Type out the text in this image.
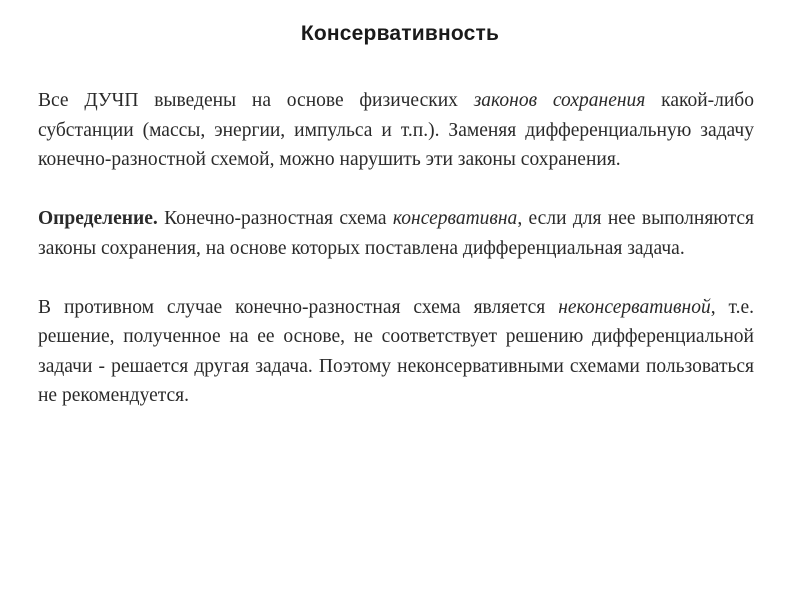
Консервативность

Все ДУЧП выведены на основе физических законов сохранения какой-либо субстанции (массы, энергии, импульса и т.п.). Заменяя дифференциальную задачу конечно-разностной схемой, можно нарушить эти законы сохранения.

Определение. Конечно-разностная схема консервативна, если для нее выполняются законы сохранения, на основе которых поставлена дифференциальная задача.

В противном случае конечно-разностная схема является неконсервативной, т.е. решение, полученное на ее основе, не соответствует решению дифференциальной задачи - решается другая задача. Поэтому неконсервативными схемами пользоваться не рекомендуется.
